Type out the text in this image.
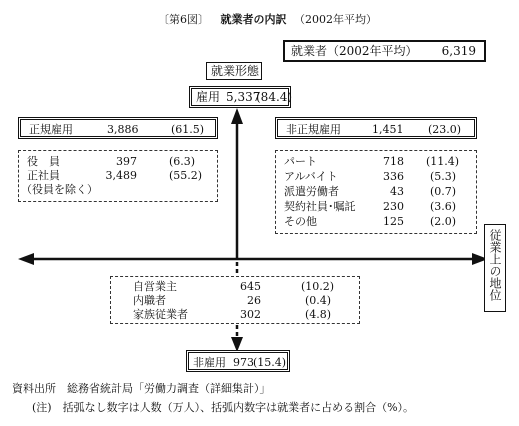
〔第6図〕 就業者の内訳 （2002年平均）
就業者（2002年平均） 6,319
就業形態
雇用 5,337
(84.4)
正規雇用	3,886	(61.5)
役　員	397	(6.3)
正社員	3,489	(55.2)
（役員を除く）
非正規雇用	1,451 (23.0)
パート	718 (11.4)
アルバイト	336 (5.3)
派遣労働者	43 (0.7)
契約社員･嘱託	230 (3.6)
その他	125 (2.0)
従業上の地位
自営業主	645	(10.2)
内職者	26	(0.4)
家族従業者	302	(4.8)
非雇用 973 (15.4)
資料出所　総務省統計局「労働力調査（詳細集計）」
(注)　括弧なし数字は人数（万人）、括弧内数字は就業者に占める割合（%）。
